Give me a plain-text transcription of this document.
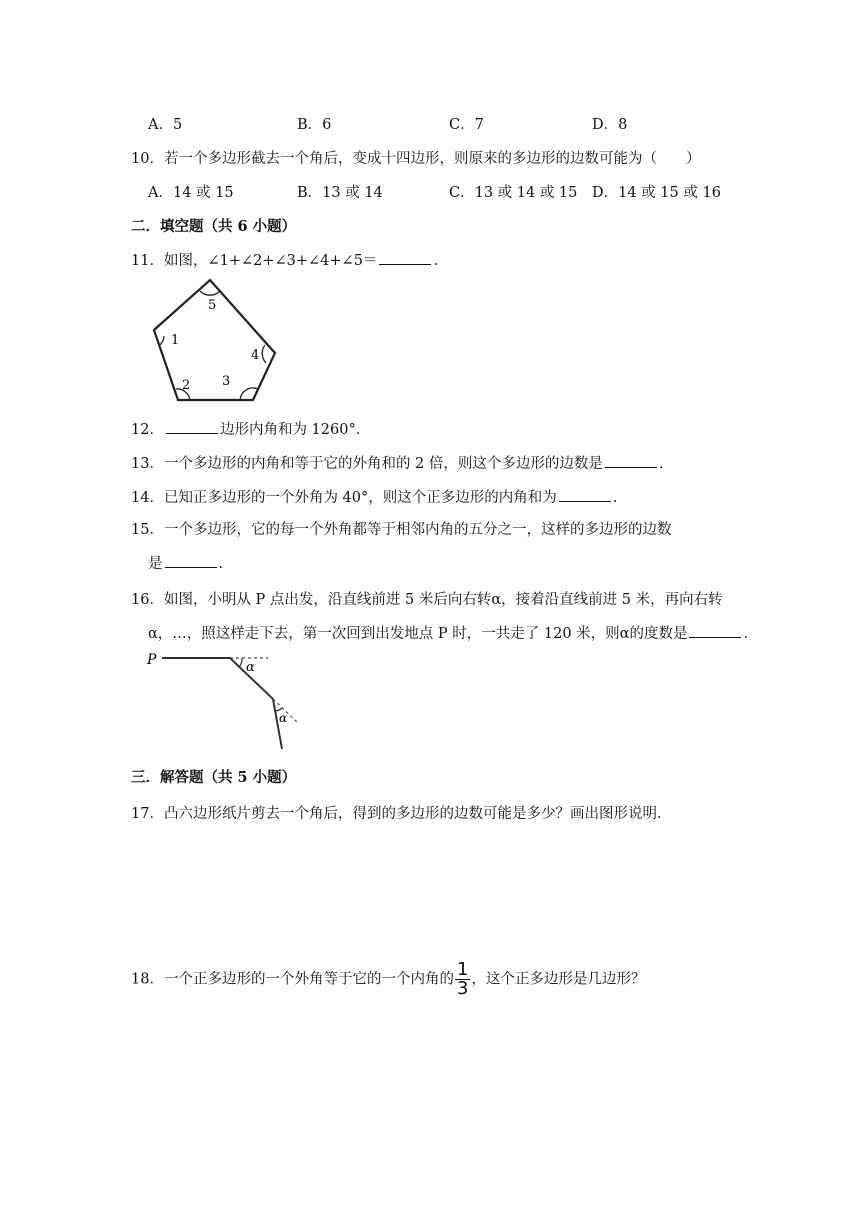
A．5	B．6	C．7	D．8
10．若一个多边形截去一个角后，变成十四边形，则原来的多边形的边数可能为（　　）
A．14 或 15	B．13 或 14	C．13 或 14 或 15 D．14 或 15 或 16
二．填空题（共 6 小题）
11．如图，∠1+∠2+∠3+∠4+∠5＝	.
5
1
4
2 3
12．	边形内角和为 1260°．
13．一个多边形的内角和等于它的外角和的 2 倍，则这个多边形的边数是	.
14．已知正多边形的一个外角为 40°，则这个正多边形的内角和为	.
15．一个多边形，它的每一个外角都等于相邻内角的五分之一，这样的多边形的边数
是	.
16．如图，小明从 P 点出发，沿直线前进 5 米后向右转α，接着沿直线前进 5 米，再向右转
α，…，照这样走下去，第一次回到出发地点 P 时，一共走了 120 米，则α的度数是	.
P	α
α
三．解答题（共 5 小题）
17．凸六边形纸片剪去一个角后，得到的多边形的边数可能是多少？画出图形说明．
18．一个正多边形的一个外角等于它的一个内角的 $\frac{1}{3}$ ，这个正多边形是几边形？
